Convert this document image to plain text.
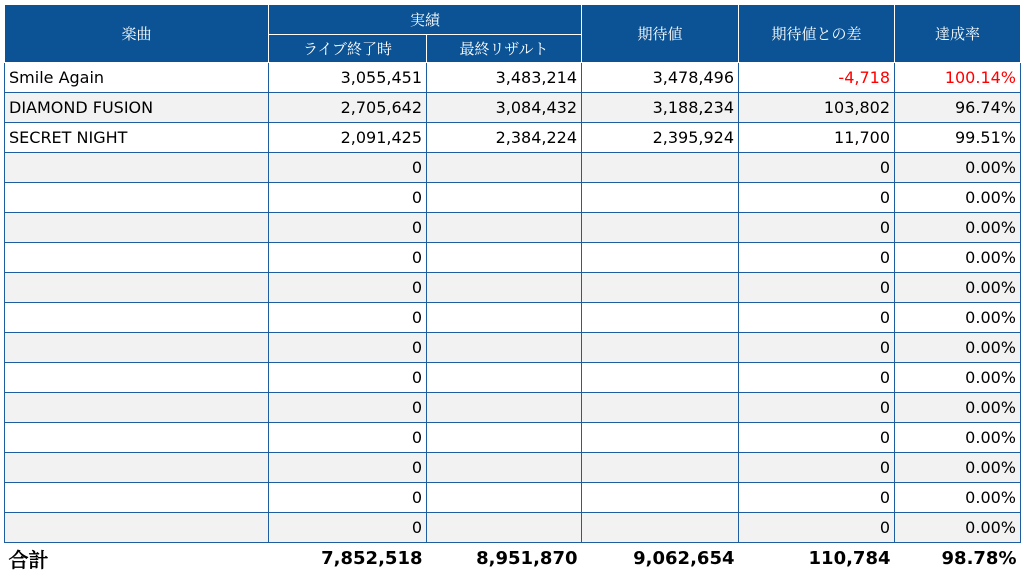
楽曲	実績		期待値	期待値との差	達成率
	ライブ終了時	最終リザルト			
Smile Again	3,055,451	3,483,214	3,478,496	-4,718	100.14%
DIAMOND FUSION	2,705,642	3,084,432	3,188,234	103,802	96.74%
SECRET NIGHT	2,091,425	2,384,224	2,395,924	11,700	99.51%
	0			0	0.00%
	0			0	0.00%
	0			0	0.00%
	0			0	0.00%
	0			0	0.00%
	0			0	0.00%
	0			0	0.00%
	0			0	0.00%
	0			0	0.00%
	0			0	0.00%
	0			0	0.00%
	0			0	0.00%
	0			0	0.00%
合計	7,852,518	8,951,870	9,062,654	110,784	98.78%
